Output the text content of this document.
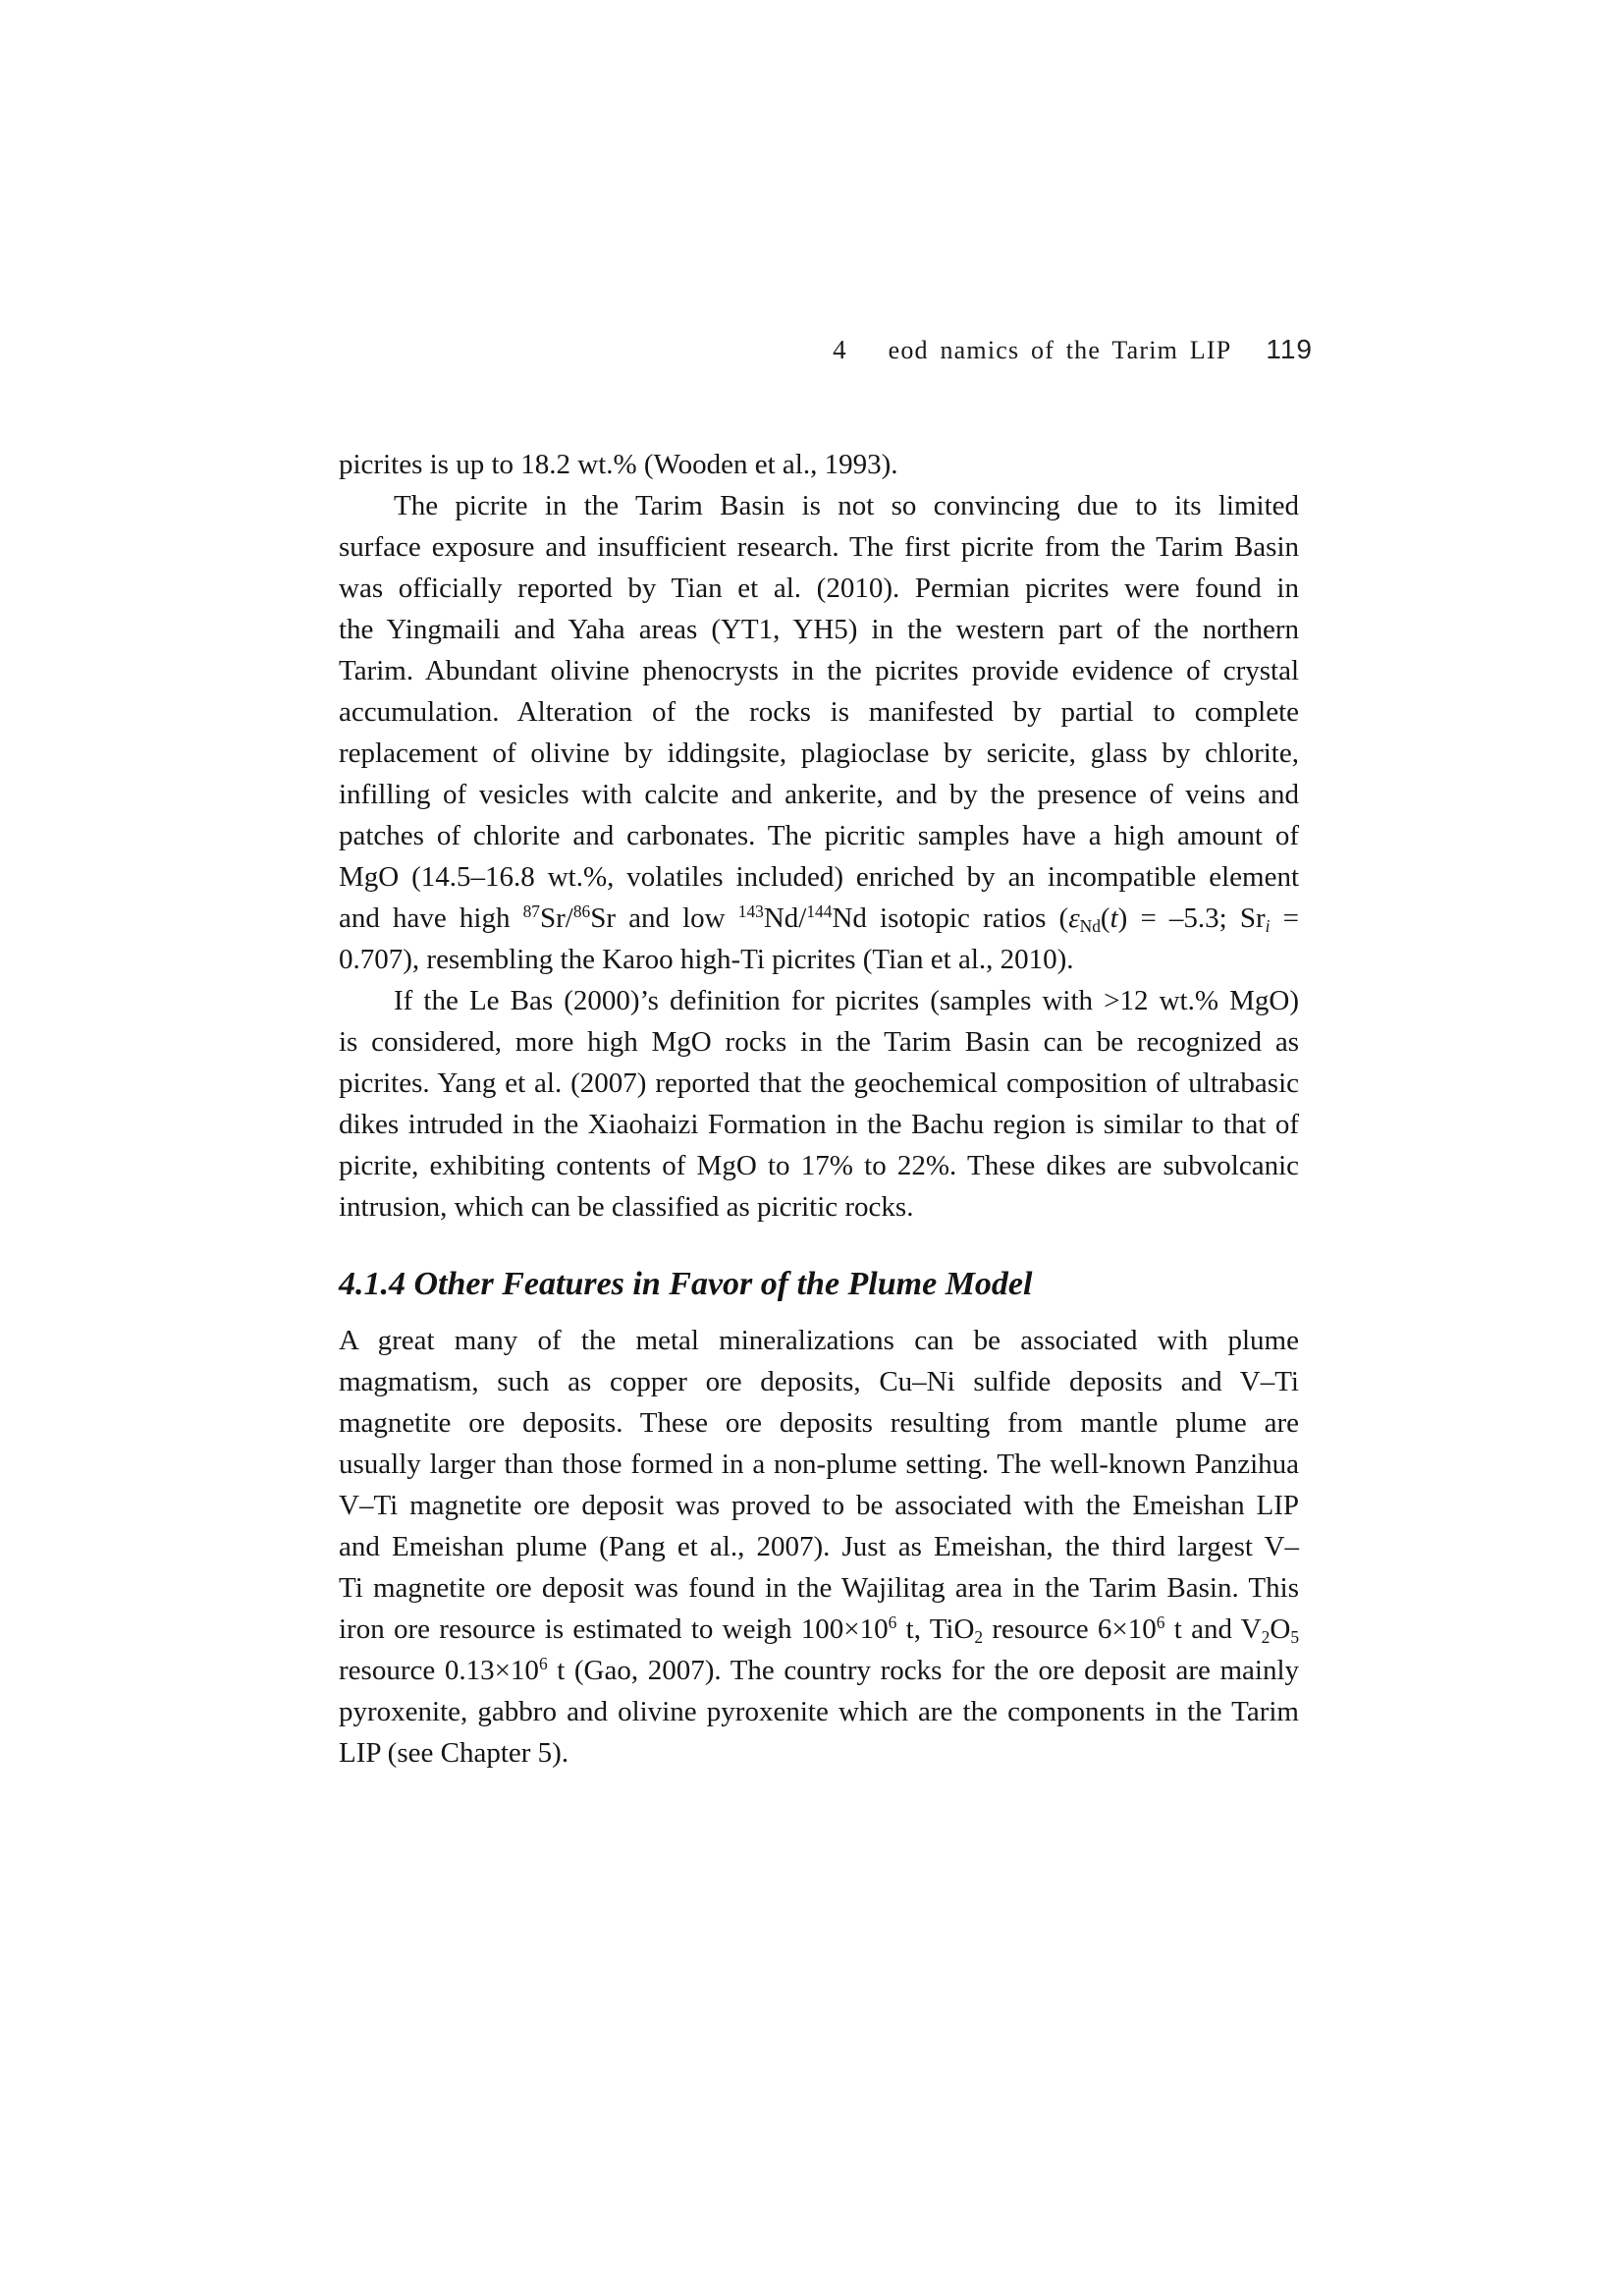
4 eod namics of the Tarim LIP 119
picrites is up to 18.2 wt.% (Wooden et al., 1993).
The picrite in the Tarim Basin is not so convincing due to its limited
surface exposure and insufficient research. The first picrite from the Tarim Basin
was officially reported by Tian et al. (2010). Permian picrites were found in
the Yingmaili and Yaha areas (YT1, YH5) in the western part of the northern
Tarim. Abundant olivine phenocrysts in the picrites provide evidence of crystal
accumulation. Alteration of the rocks is manifested by partial to complete
replacement of olivine by iddingsite, plagioclase by sericite, glass by chlorite,
infilling of vesicles with calcite and ankerite, and by the presence of veins and
patches of chlorite and carbonates. The picritic samples have a high amount of
MgO (14.5–16.8 wt.%, volatiles included) enriched by an incompatible element
and have high $^{87}$Sr/$^{86}$Sr and low $^{143}$Nd/$^{144}$Nd isotopic ratios (εNd(t) = –5.3; Sri =
0.707), resembling the Karoo high-Ti picrites (Tian et al., 2010).
If the Le Bas (2000)’s definition for picrites (samples with >12 wt.% MgO)
is considered, more high MgO rocks in the Tarim Basin can be recognized as
picrites. Yang et al. (2007) reported that the geochemical composition of ultrabasic
dikes intruded in the Xiaohaizi Formation in the Bachu region is similar to that of
picrite, exhibiting contents of MgO to 17% to 22%. These dikes are subvolcanic
intrusion, which can be classified as picritic rocks.
4.1.4 Other Features in Favor of the Plume Model
A great many of the metal mineralizations can be associated with plume
magmatism, such as copper ore deposits, Cu–Ni sulfide deposits and V–Ti
magnetite ore deposits. These ore deposits resulting from mantle plume are
usually larger than those formed in a non-plume setting. The well-known Panzihua
V–Ti magnetite ore deposit was proved to be associated with the Emeishan LIP
and Emeishan plume (Pang et al., 2007). Just as Emeishan, the third largest V–
Ti magnetite ore deposit was found in the Wajilitag area in the Tarim Basin. This
iron ore resource is estimated to weigh $100\times 10^6$ t, TiO2 resource $6\times 10^6$ t and V2O5
resource $0.13\times 10^6$ t (Gao, 2007). The country rocks for the ore deposit are mainly
pyroxenite, gabbro and olivine pyroxenite which are the components in the Tarim
LIP (see Chapter 5).
